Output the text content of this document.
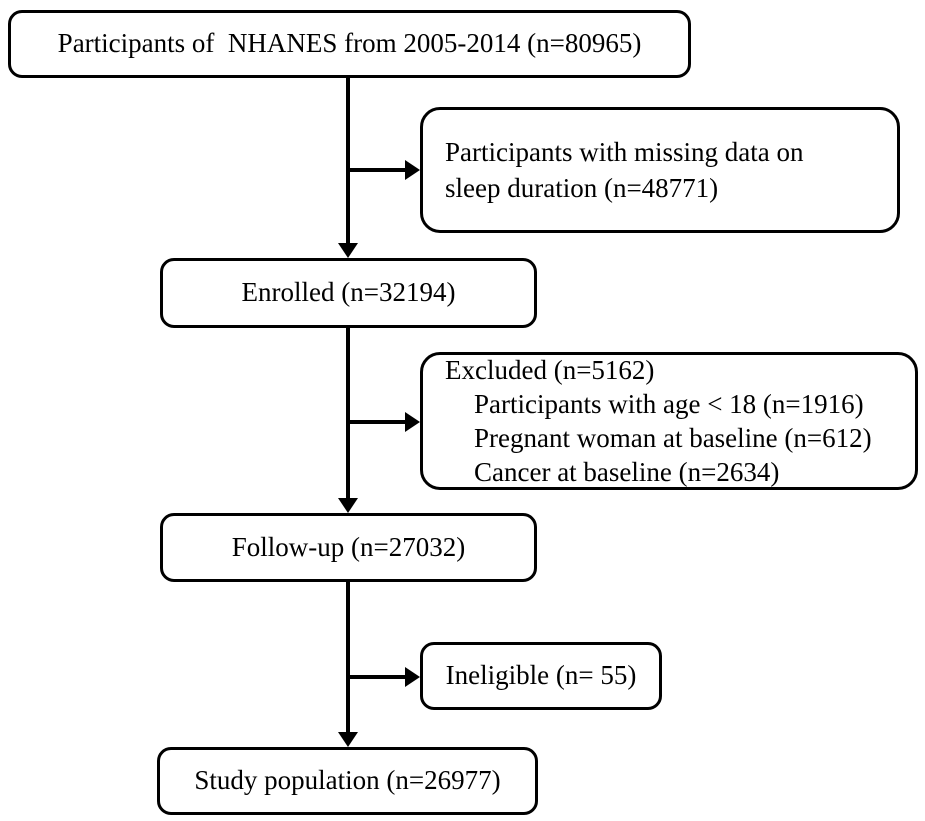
Participants of  NHANES from 2005-2014 (n=80965)
Enrolled (n=32194)
Follow-up (n=27032)
Study population (n=26977)
Participants with missing data on
sleep duration (n=48771)
Excluded (n=5162)
Participants with age < 18 (n=1916)
Pregnant woman at baseline (n=612)
Cancer at baseline (n=2634)
Ineligible (n= 55)
